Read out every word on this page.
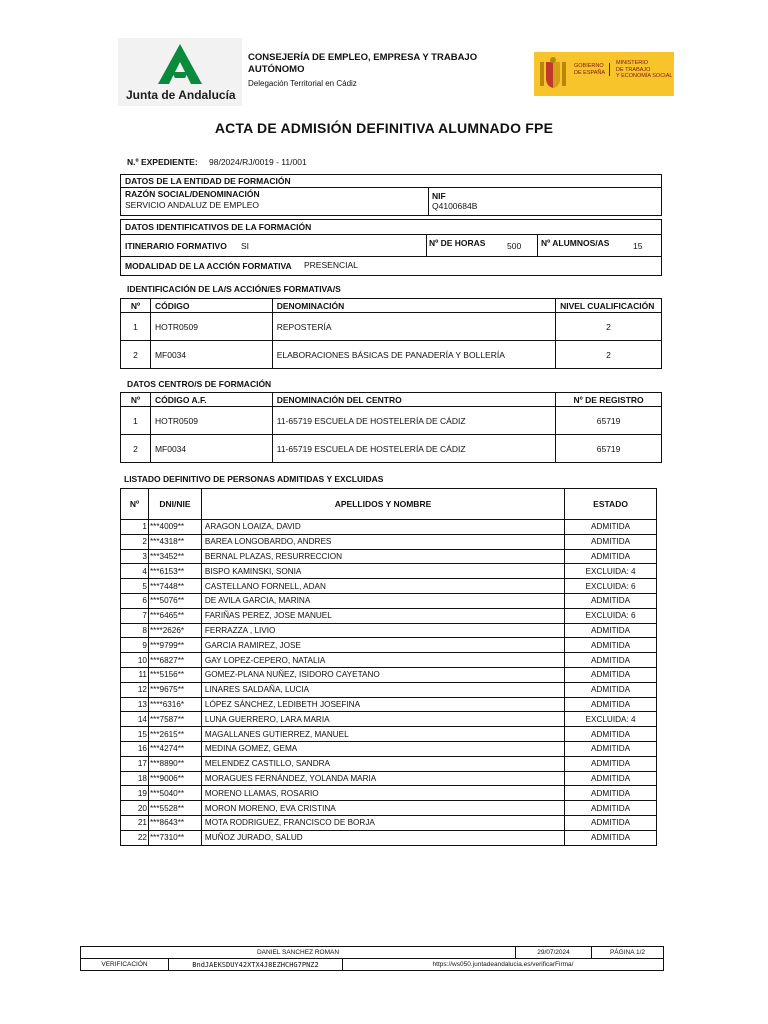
Junta de Andalucía
CONSEJERÍA DE EMPLEO, EMPRESA Y TRABAJO AUTÓNOMO
Delegación Territorial en Cádiz
GOBIERNO
DE ESPAÑA
MINISTERIO
DE TRABAJO
Y ECONOMÍA SOCIAL
ACTA DE ADMISIÓN DEFINITIVA ALUMNADO FPE
N.º EXPEDIENTE: 98/2024/RJ/0019 - 11/001
DATOS DE LA ENTIDAD DE FORMACIÓN
RAZÓN SOCIAL/DENOMINACIÓN
SERVICIO ANDALUZ DE EMPLEO
NIF
Q4100684B
DATOS IDENTIFICATIVOS DE LA FORMACIÓN
ITINERARIO FORMATIVO SI	Nº DE HORAS	500 Nº ALUMNOS/AS	15
MODALIDAD DE LA ACCIÓN FORMATIVA PRESENCIAL
IDENTIFICACIÓN DE LA/S ACCIÓN/ES FORMATIVA/S
Nº	CÓDIGO	DENOMINACIÓN	NIVEL CUALIFICACIÓN
1	HOTR0509	REPOSTERÍA	2
2	MF0034	ELABORACIONES BÁSICAS DE PANADERÍA Y BOLLERÍA	2
DATOS CENTRO/S DE FORMACIÓN
Nº	CÓDIGO A.F.	DENOMINACIÓN DEL CENTRO	Nº DE REGISTRO
1	HOTR0509	11-65719 ESCUELA DE HOSTELERÍA DE CÁDIZ	65719
2	MF0034	11-65719 ESCUELA DE HOSTELERÍA DE CÁDIZ	65719
LISTADO DEFINITIVO DE PERSONAS ADMITIDAS Y EXCLUIDAS
Nº	DNI/NIE	APELLIDOS Y NOMBRE	ESTADO
1	***4009**	ARAGON LOAIZA, DAVID	ADMITIDA
2	***4318**	BAREA LONGOBARDO, ANDRES	ADMITIDA
3	***3452**	BERNAL PLAZAS, RESURRECCION	ADMITIDA
4	***6153**	BISPO KAMINSKI, SONIA	EXCLUIDA: 4
5	***7448**	CASTELLANO FORNELL, ADAN	EXCLUIDA: 6
6	***5076**	DE AVILA GARCIA, MARINA	ADMITIDA
7	***6465**	FARIÑAS PEREZ, JOSE MANUEL	EXCLUIDA: 6
8	****2626*	FERRAZZA , LIVIO	ADMITIDA
9	***9799**	GARCIA RAMIREZ, JOSE	ADMITIDA
10	***6827**	GAY LOPEZ-CEPERO, NATALIA	ADMITIDA
11	***5156**	GOMEZ-PLANA NUÑEZ, ISIDORO CAYETANO	ADMITIDA
12	***9675**	LINARES SALDAÑA, LUCIA	ADMITIDA
13	****6316*	LÓPEZ SÁNCHEZ, LEDIBETH JOSEFINA	ADMITIDA
14	***7587**	LUNA GUERRERO, LARA MARIA	EXCLUIDA: 4
15	***2615**	MAGALLANES GUTIERREZ, MANUEL	ADMITIDA
16	***4274**	MEDINA GOMEZ, GEMA	ADMITIDA
17	***8890**	MELENDEZ CASTILLO, SANDRA	ADMITIDA
18	***9006**	MORAGUES FERNÁNDEZ, YOLANDA MARIA	ADMITIDA
19	***5040**	MORENO LLAMAS, ROSARIO	ADMITIDA
20	***5528**	MORON MORENO, EVA CRISTINA	ADMITIDA
21	***8643**	MOTA RODRIGUEZ, FRANCISCO DE BORJA	ADMITIDA
22	***7310**	MUÑOZ JURADO, SALUD	ADMITIDA
DANIEL SANCHEZ ROMAN			29/07/2024	PÁGINA 1/2
VERIFICACIÓN	BndJAEKSDUY42XTX4J8EZHCHG7PNZ2	https://ws050.juntadeandalucia.es/verificarFirma/		
